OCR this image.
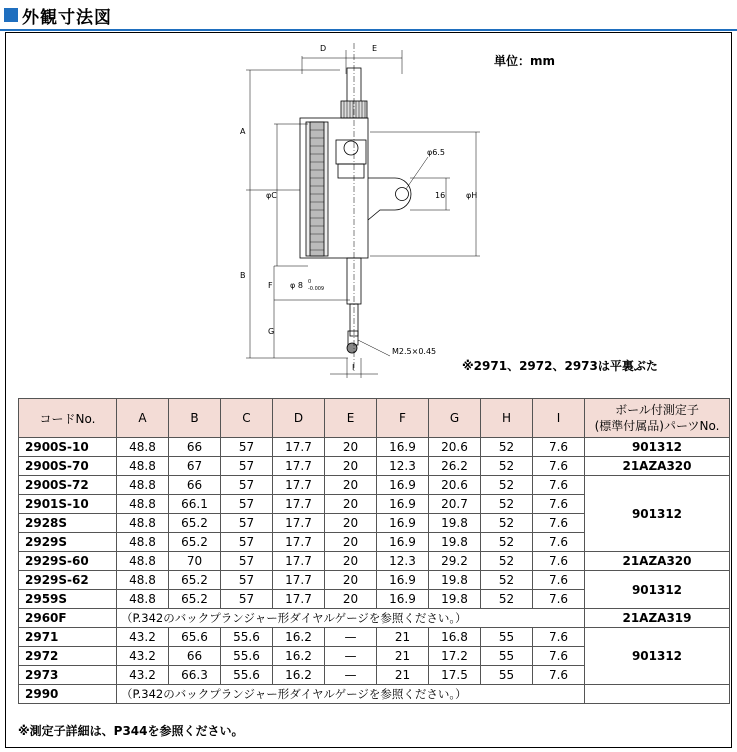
外観寸法図
単位：mm
D	E
A
B
φC
F
G
φH
φ6.5
16
φ 8 0
-0.009
M2.5×0.45
I	※2971、2972、2973は平裏ぶた
コードNo.	A	B	C	D	E	F	G	H	I	ボール付測定子
(標準付属品)パーツNo.

2900S-10	48.8	66	57	17.7	20	16.9	20.6	52	7.6	901312
2900S-70	48.8	67	57	17.7	20	12.3	26.2	52	7.6	21AZA320
2900S-72	48.8	66	57	17.7	20	16.9	20.6	52	7.6	901312
2901S-10	48.8	66.1	57	17.7	20	16.9	20.7	52	7.6	
2928S	48.8	65.2	57	17.7	20	16.9	19.8	52	7.6	
2929S	48.8	65.2	57	17.7	20	16.9	19.8	52	7.6	
2929S-60	48.8	70	57	17.7	20	12.3	29.2	52	7.6	21AZA320
2929S-62	48.8	65.2	57	17.7	20	16.9	19.8	52	7.6	901312
2959S	48.8	65.2	57	17.7	20	16.9	19.8	52	7.6	
2960F	（P.342のバックプランジャー形ダイヤルゲージを参照ください。）									21AZA319
2971	43.2	65.6	55.6	16.2	—	21	16.8	55	7.6	901312
2972	43.2	66	55.6	16.2	—	21	17.2	55	7.6	
2973	43.2	66.3	55.6	16.2	—	21	17.5	55	7.6	
2990	（P.342のバックプランジャー形ダイヤルゲージを参照ください。）									
※測定子詳細は、P344を参照ください。
